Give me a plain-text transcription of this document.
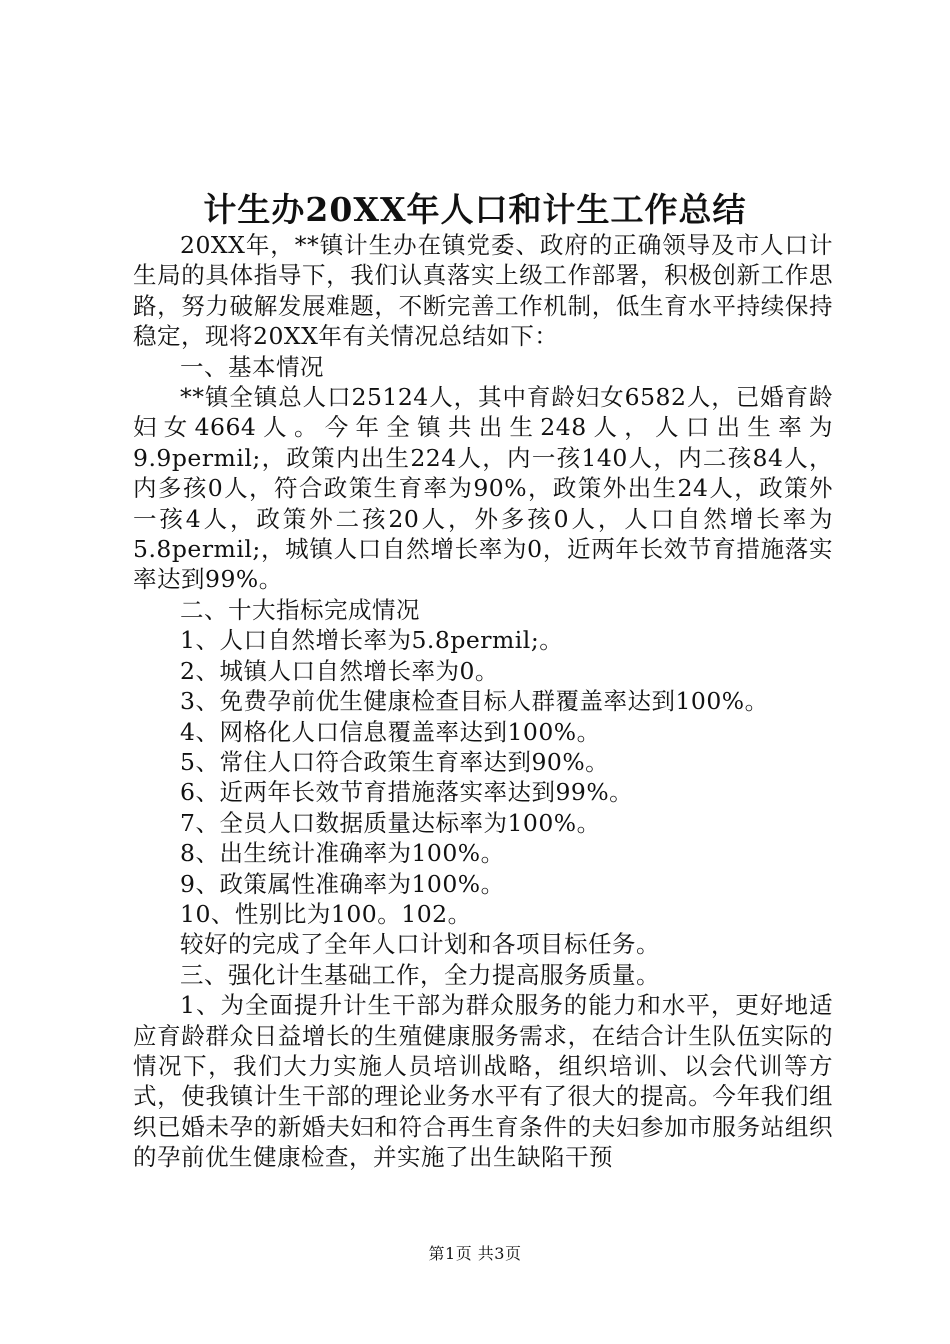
计生办20XX年人口和计生工作总结

20XX年，**镇计生办在镇党委、政府的正确领导及市人口计生局的具体指导下，我们认真落实上级工作部署，积极创新工作思路，努力破解发展难题，不断完善工作机制，低生育水平持续保持稳定，现将20XX年有关情况总结如下：

一、基本情况

**镇全镇总人口25124人，其中育龄妇女6582人，已婚育龄妇女4664人。今年全镇共出生248人，人口出生率为9.9permil;，政策内出生224人，内一孩140人，内二孩84人，内多孩0人，符合政策生育率为90%，政策外出生24人，政策外一孩4人，政策外二孩20人，外多孩0人，人口自然增长率为5.8permil;，城镇人口自然增长率为0，近两年长效节育措施落实率达到99%。

二、十大指标完成情况

1、人口自然增长率为5.8permil;。

2、城镇人口自然增长率为0。

3、免费孕前优生健康检查目标人群覆盖率达到100%。

4、网格化人口信息覆盖率达到100%。

5、常住人口符合政策生育率达到90%。

6、近两年长效节育措施落实率达到99%。

7、全员人口数据质量达标率为100%。

8、出生统计准确率为100%。

9、政策属性准确率为100%。

10、性别比为100。102。

较好的完成了全年人口计划和各项目标任务。

三、强化计生基础工作，全力提高服务质量。

1、为全面提升计生干部为群众服务的能力和水平，更好地适应育龄群众日益增长的生殖健康服务需求，在结合计生队伍实际的情况下，我们大力实施人员培训战略，组织培训、以会代训等方式，使我镇计生干部的理论业务水平有了很大的提高。今年我们组织已婚未孕的新婚夫妇和符合再生育条件的夫妇参加市服务站组织的孕前优生健康检查，并实施了出生缺陷干预

第1页 共3页
